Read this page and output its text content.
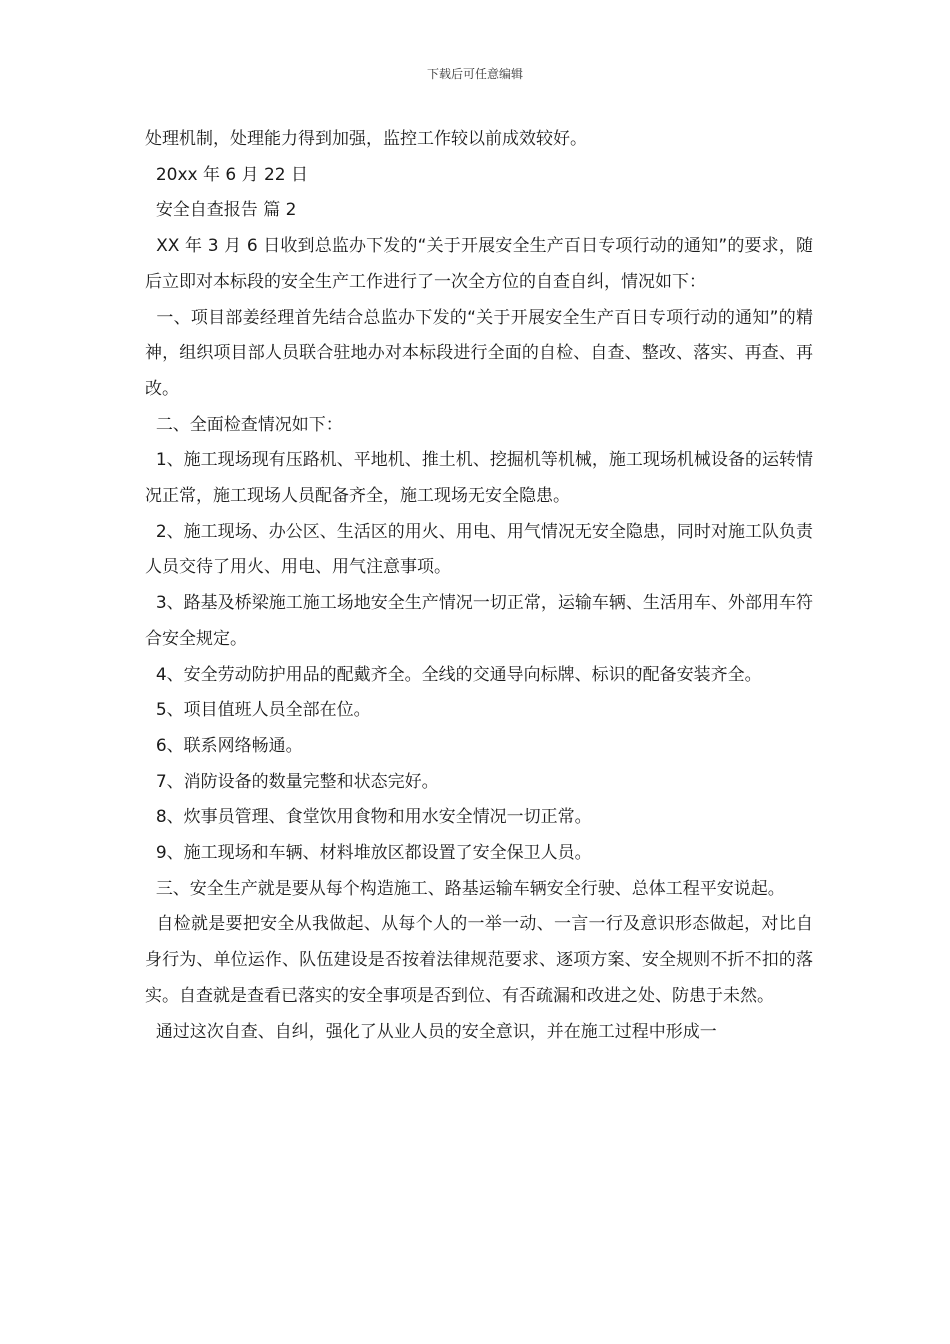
下载后可任意编辑

处理机制，处理能力得到加强，监控工作较以前成效较好。

20xx 年 6 月 22 日

安全自查报告 篇 2

XX 年 3 月 6 日收到总监办下发的“关于开展安全生产百日专项行动的通知”的要求，随后立即对本标段的安全生产工作进行了一次全方位的自查自纠，情况如下：

一、项目部姜经理首先结合总监办下发的“关于开展安全生产百日专项行动的通知”的精神，组织项目部人员联合驻地办对本标段进行全面的自检、自查、整改、落实、再查、再改。

二、全面检查情况如下：

1、施工现场现有压路机、平地机、推土机、挖掘机等机械，施工现场机械设备的运转情况正常，施工现场人员配备齐全，施工现场无安全隐患。

2、施工现场、办公区、生活区的用火、用电、用气情况无安全隐患，同时对施工队负责人员交待了用火、用电、用气注意事项。

3、路基及桥梁施工施工场地安全生产情况一切正常，运输车辆、生活用车、外部用车符合安全规定。

4、安全劳动防护用品的配戴齐全。全线的交通导向标牌、标识的配备安装齐全。

5、项目值班人员全部在位。

6、联系网络畅通。

7、消防设备的数量完整和状态完好。

8、炊事员管理、食堂饮用食物和用水安全情况一切正常。

9、施工现场和车辆、材料堆放区都设置了安全保卫人员。

三、安全生产就是要从每个构造施工、路基运输车辆安全行驶、总体工程平安说起。

自检就是要把安全从我做起、从每个人的一举一动、一言一行及意识形态做起，对比自身行为、单位运作、队伍建设是否按着法律规范要求、逐项方案、安全规则不折不扣的落实。自查就是查看已落实的安全事项是否到位、有否疏漏和改进之处、防患于未然。

通过这次自查、自纠，强化了从业人员的安全意识，并在施工过程中形成一
